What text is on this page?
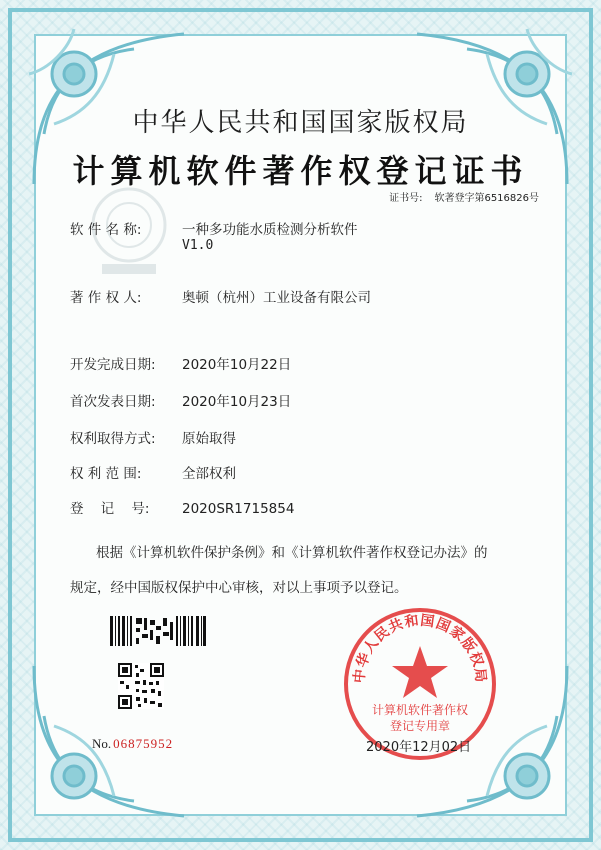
中华人民共和国国家版权局
计算机软件著作权登记证书
证书号: 软著登字第6516826号
软 件 名 称:	一种多功能水质检测分析软件
V1.0
著 作 权 人:	奥顿（杭州）工业设备有限公司
开发完成日期: 2020年10月22日
首次发表日期: 2020年10月23日
权利取得方式: 原始取得
权 利 范 围:	全部权利
登    记    号: 2020SR1715854
根据《计算机软件保护条例》和《计算机软件著作权登记办法》的
规定，经中国版权保护中心审核，对以上事项予以登记。
No. 06875952
中华人民共和国国家版权局
计算机软件著作权
登记专用章
2020年12月02日
